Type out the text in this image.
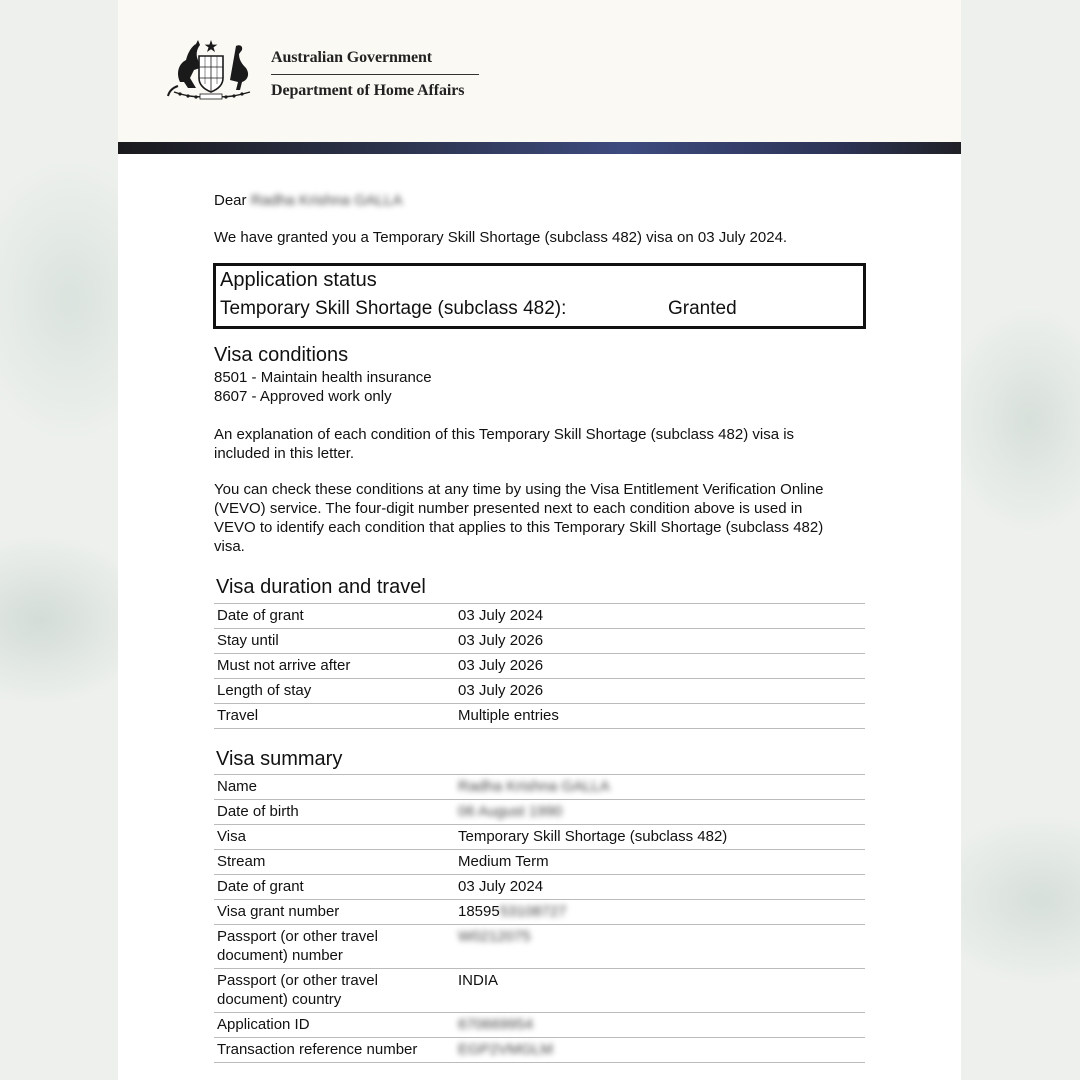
Australian Government
Department of Home Affairs
Dear Radha Krishna GALLA
We have granted you a Temporary Skill Shortage (subclass 482) visa on 03 July 2024.
Application status
Temporary Skill Shortage (subclass 482):	Granted
Visa conditions
8501 - Maintain health insurance
8607 - Approved work only
An explanation of each condition of this Temporary Skill Shortage (subclass 482) visa is
included in this letter.
You can check these conditions at any time by using the Visa Entitlement Verification Online
(VEVO) service. The four-digit number presented next to each condition above is used in
VEVO to identify each condition that applies to this Temporary Skill Shortage (subclass 482)
visa.
Visa duration and travel
Date of grant	03 July 2024
Stay until	03 July 2026
Must not arrive after	03 July 2026
Length of stay	03 July 2026
Travel	Multiple entries
Visa summary
Name	Radha Krishna GALLA
Date of birth	06 August 1990
Visa	Temporary Skill Shortage (subclass 482)
Stream	Medium Term
Date of grant	03 July 2024
Visa grant number	1859553108727
Passport (or other travel
document) number	W0212075
Passport (or other travel
document) country	INDIA
Application ID	670669954
Transaction reference number	EGP2VMGLM
